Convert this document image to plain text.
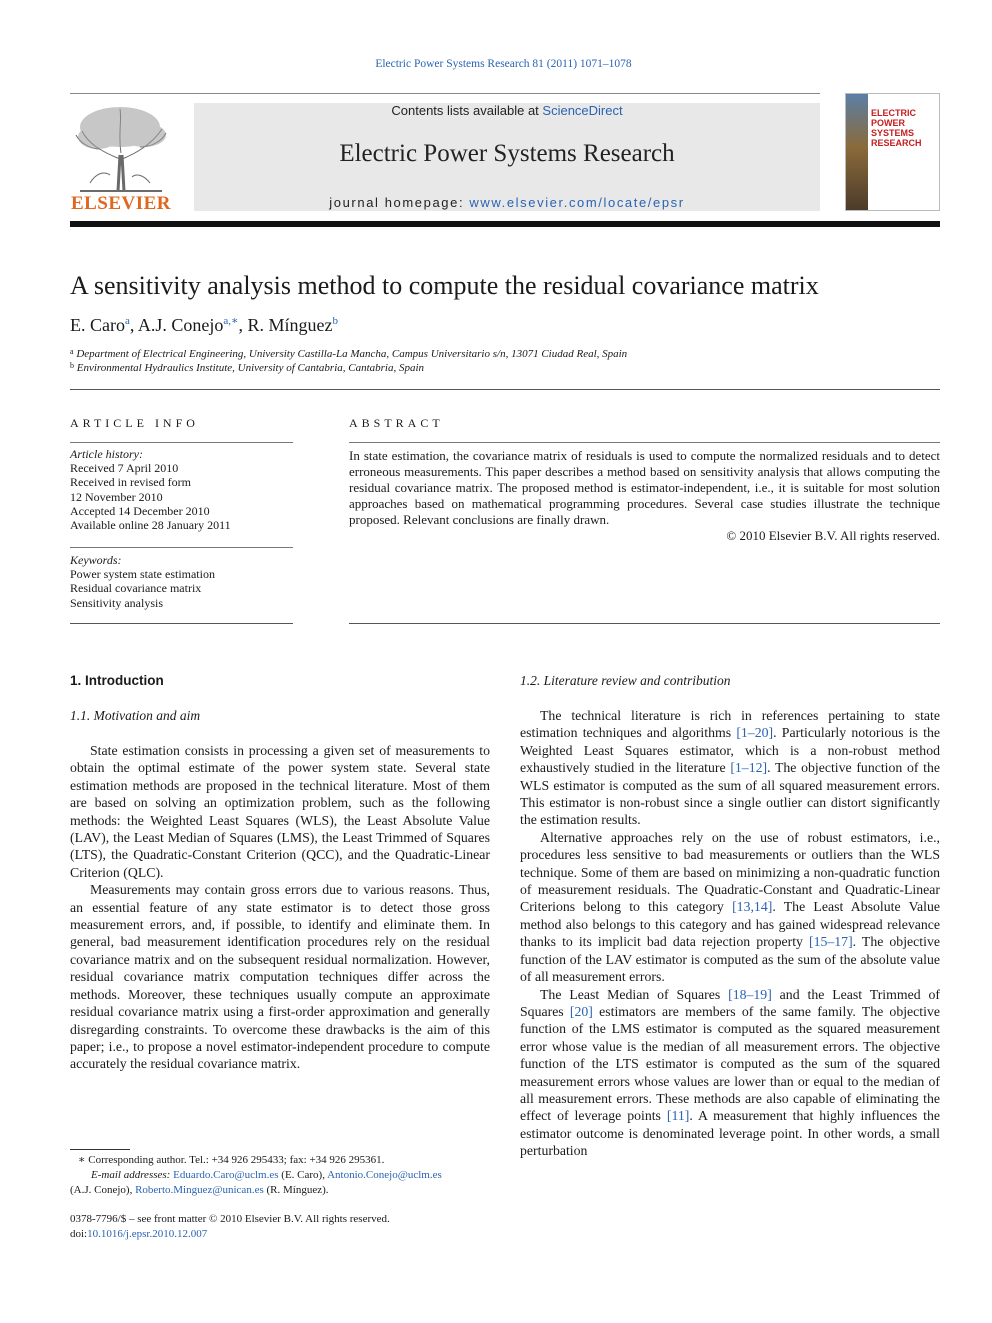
Electric Power Systems Research 81 (2011) 1071–1078
ELSEVIER
Contents lists available at ScienceDirect
Electric Power Systems Research
journal homepage: www.elsevier.com/locate/epsr
ELECTRIC POWER SYSTEMS RESEARCH
A sensitivity analysis method to compute the residual covariance matrix
E. Caro$^a$, A.J. Conejo$^{a,∗}$, R. Mínguez$^b$
$^a$ Department of Electrical Engineering, University Castilla-La Mancha, Campus Universitario s/n, 13071 Ciudad Real, Spain
$^b$ Environmental Hydraulics Institute, University of Cantabria, Cantabria, Spain
ARTICLE INFO
Article history:
Received 7 April 2010
Received in revised form
12 November 2010
Accepted 14 December 2010
Available online 28 January 2011
Keywords:
Power system state estimation
Residual covariance matrix
Sensitivity analysis
ABSTRACT
In state estimation, the covariance matrix of residuals is used to compute the normalized residuals and to detect erroneous measurements. This paper describes a method based on sensitivity analysis that allows computing the residual covariance matrix. The proposed method is estimator-independent, i.e., it is suitable for most solution approaches based on mathematical programming procedures. Several case studies illustrate the technique proposed. Relevant conclusions are finally drawn.
© 2010 Elsevier B.V. All rights reserved.
1. Introduction
1.1. Motivation and aim

State estimation consists in processing a given set of measurements to obtain the optimal estimate of the power system state. Several state estimation methods are proposed in the technical literature. Most of them are based on solving an optimization problem, such as the following methods: the Weighted Least Squares (WLS), the Least Absolute Value (LAV), the Least Median of Squares (LMS), the Least Trimmed of Squares (LTS), the Quadratic-Constant Criterion (QCC), and the Quadratic-Linear Criterion (QLC).

Measurements may contain gross errors due to various reasons. Thus, an essential feature of any state estimator is to detect those gross measurement errors, and, if possible, to identify and eliminate them. In general, bad measurement identification procedures rely on the residual covariance matrix and on the subsequent residual normalization. However, residual covariance matrix computation techniques differ across the methods. Moreover, these techniques usually compute an approximate residual covariance matrix using a first-order approximation and generally disregarding constraints. To overcome these drawbacks is the aim of this paper; i.e., to propose a novel estimator-independent procedure to compute accurately the residual covariance matrix.

1.2. Literature review and contribution

The technical literature is rich in references pertaining to state estimation techniques and algorithms [1–20]. Particularly notorious is the Weighted Least Squares estimator, which is a non-robust method exhaustively studied in the literature [1–12]. The objective function of the WLS estimator is computed as the sum of all squared measurement errors. This estimator is non-robust since a single outlier can distort significantly the estimation results.

Alternative approaches rely on the use of robust estimators, i.e., procedures less sensitive to bad measurements or outliers than the WLS technique. Some of them are based on minimizing a non-quadratic function of measurement residuals. The Quadratic-Constant and Quadratic-Linear Criterions belong to this category [13,14]. The Least Absolute Value method also belongs to this category and has gained widespread relevance thanks to its implicit bad data rejection property [15–17]. The objective function of the LAV estimator is computed as the sum of the absolute value of all measurement errors.

The Least Median of Squares [18–19] and the Least Trimmed of Squares [20] estimators are members of the same family. The objective function of the LMS estimator is computed as the squared measurement error whose value is the median of all measurement errors. The objective function of the LTS estimator is computed as the sum of the squared measurement errors whose values are lower than or equal to the median of all measurement errors. These methods are also capable of eliminating the effect of leverage points [11]. A measurement that highly influences the estimator outcome is denominated leverage point. In other words, a small perturbation

∗ Corresponding author. Tel.: +34 926 295433; fax: +34 926 295361.
E-mail addresses: Eduardo.Caro@uclm.es (E. Caro), Antonio.Conejo@uclm.es
(A.J. Conejo), Roberto.Minguez@unican.es (R. Mínguez).
0378-7796/$ – see front matter © 2010 Elsevier B.V. All rights reserved.
doi:10.1016/j.epsr.2010.12.007
